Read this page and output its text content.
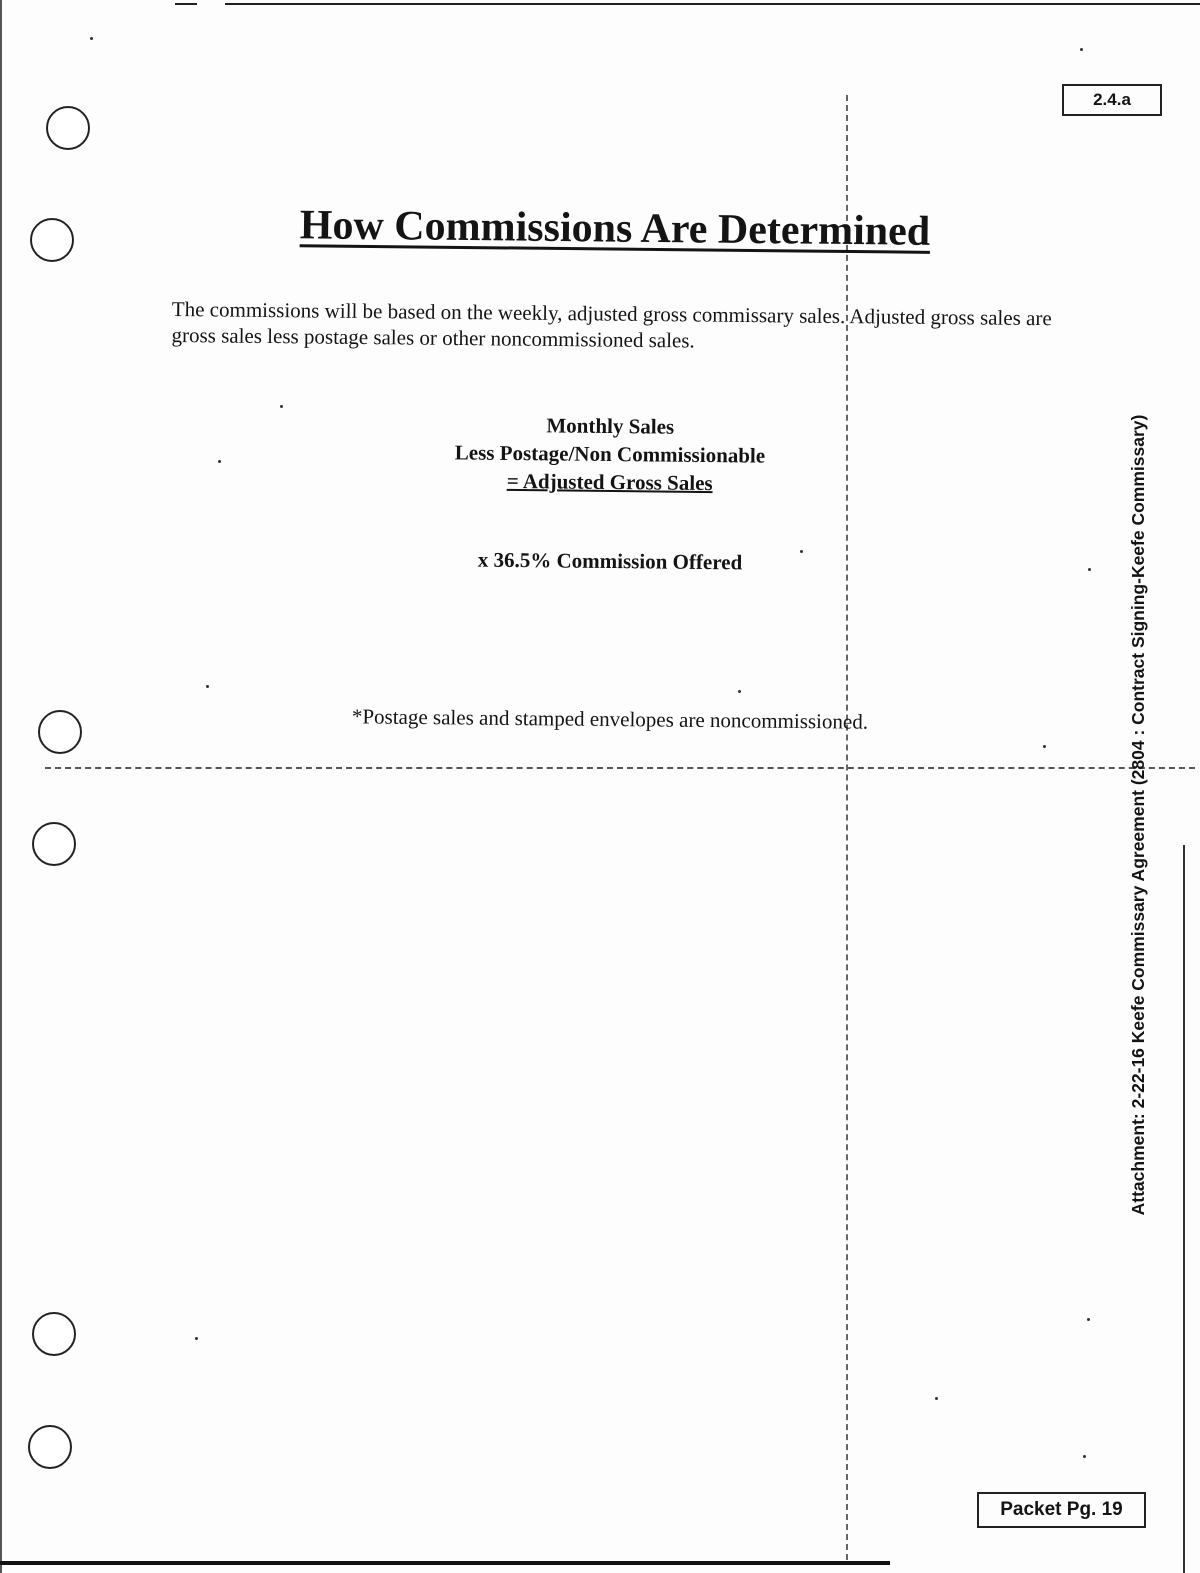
2.4.a
How Commissions Are Determined
The commissions will be based on the weekly, adjusted gross commissary sales. Adjusted gross sales are gross sales less postage sales or other noncommissioned sales.
Monthly Sales
Less Postage/Non Commissionable
= Adjusted Gross Sales
x 36.5% Commission Offered
*Postage sales and stamped envelopes are noncommissioned.	Attachment: 2-22-16 Keefe Commissary Agreement (2804 : Contract Signing-Keefe Commissary)
Packet Pg. 19
